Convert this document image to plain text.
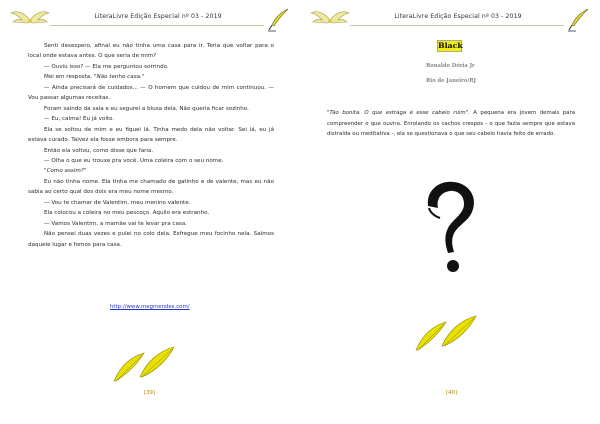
LiteraLivre Edição Especial nº 03 - 2019

Senti desespero, afinal eu não tinha uma casa para ir. Teria que voltar para o local onde estava antes. O que seria de mim?

— Ouviu isso? — Ela me perguntou sorrindo.

Mei em resposta. "Não tenho casa."

— Ainda precisará de cuidados... — O homem que cuidou de mim continuou. — Vou passar algumas receitas.

Foram saindo da sala e eu segurei a blusa dela. Não queria ficar sozinho.

— Eu, calma! Eu já volto.

Ela se soltou de mim e eu fiquei lá. Tinha medo dela não voltar. Sei lá, eu já estava curado. Talvez ela fosse embora para sempre.

Então ela voltou, como disse que faria.

— Olha o que eu trouxe pra você. Uma coleira com o seu nome.

"Como assim?"

Eu não tinha nome. Ela tinha me chamado de gatinho e de valente, mas eu não sabia ao certo qual dos dois era meu nome mesmo.

— Vou te chamar de Valentim, meu menino valente.

Ela colocou a coleira no meu pescoço. Aquilo era estranho.

— Vamos Valentim, a mamãe vai te levar pra casa.

Não pensei duas vezes e pulei no colo dela. Esfregue meu focinho nela. Saímos daquele lugar e fomos para casa.

http://www.megmendes.com/
[39]
LiteraLivre Edição Especial nº 03 - 2019
Black
Ronaldo Dória Jr
Rio de Janeiro/RJ

"Tão bonita. O que estraga é esse cabelo ruim". A pequena era jovem demais para compreender o que ouvira. Enrolando os cachos crespos - o que fazia sempre que estava distraída ou meditativa -, ela se questionava o que seu cabelo havia feito de errado.

[40]
